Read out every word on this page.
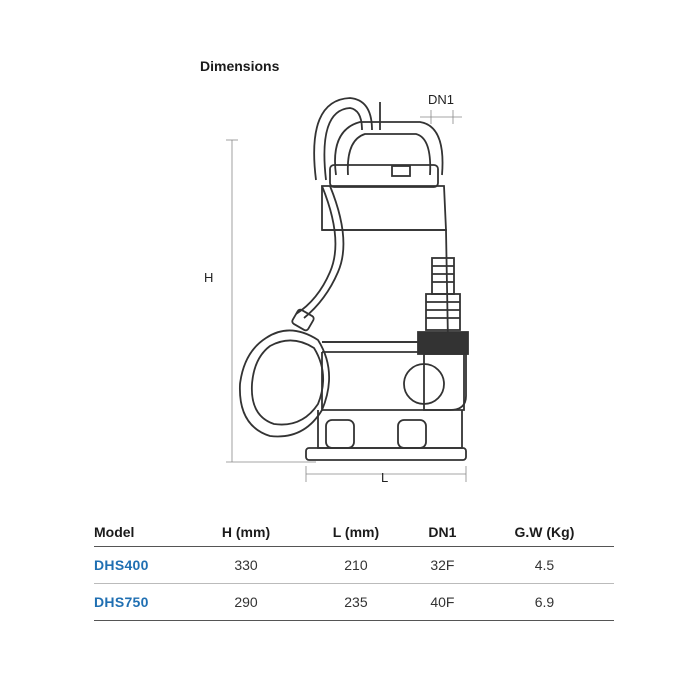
Dimensions
DN1
H
L
Model	H (mm)	L (mm)	DN1	G.W (Kg)
DHS400	330	210	32F	4.5
DHS750	290	235	40F	6.9
